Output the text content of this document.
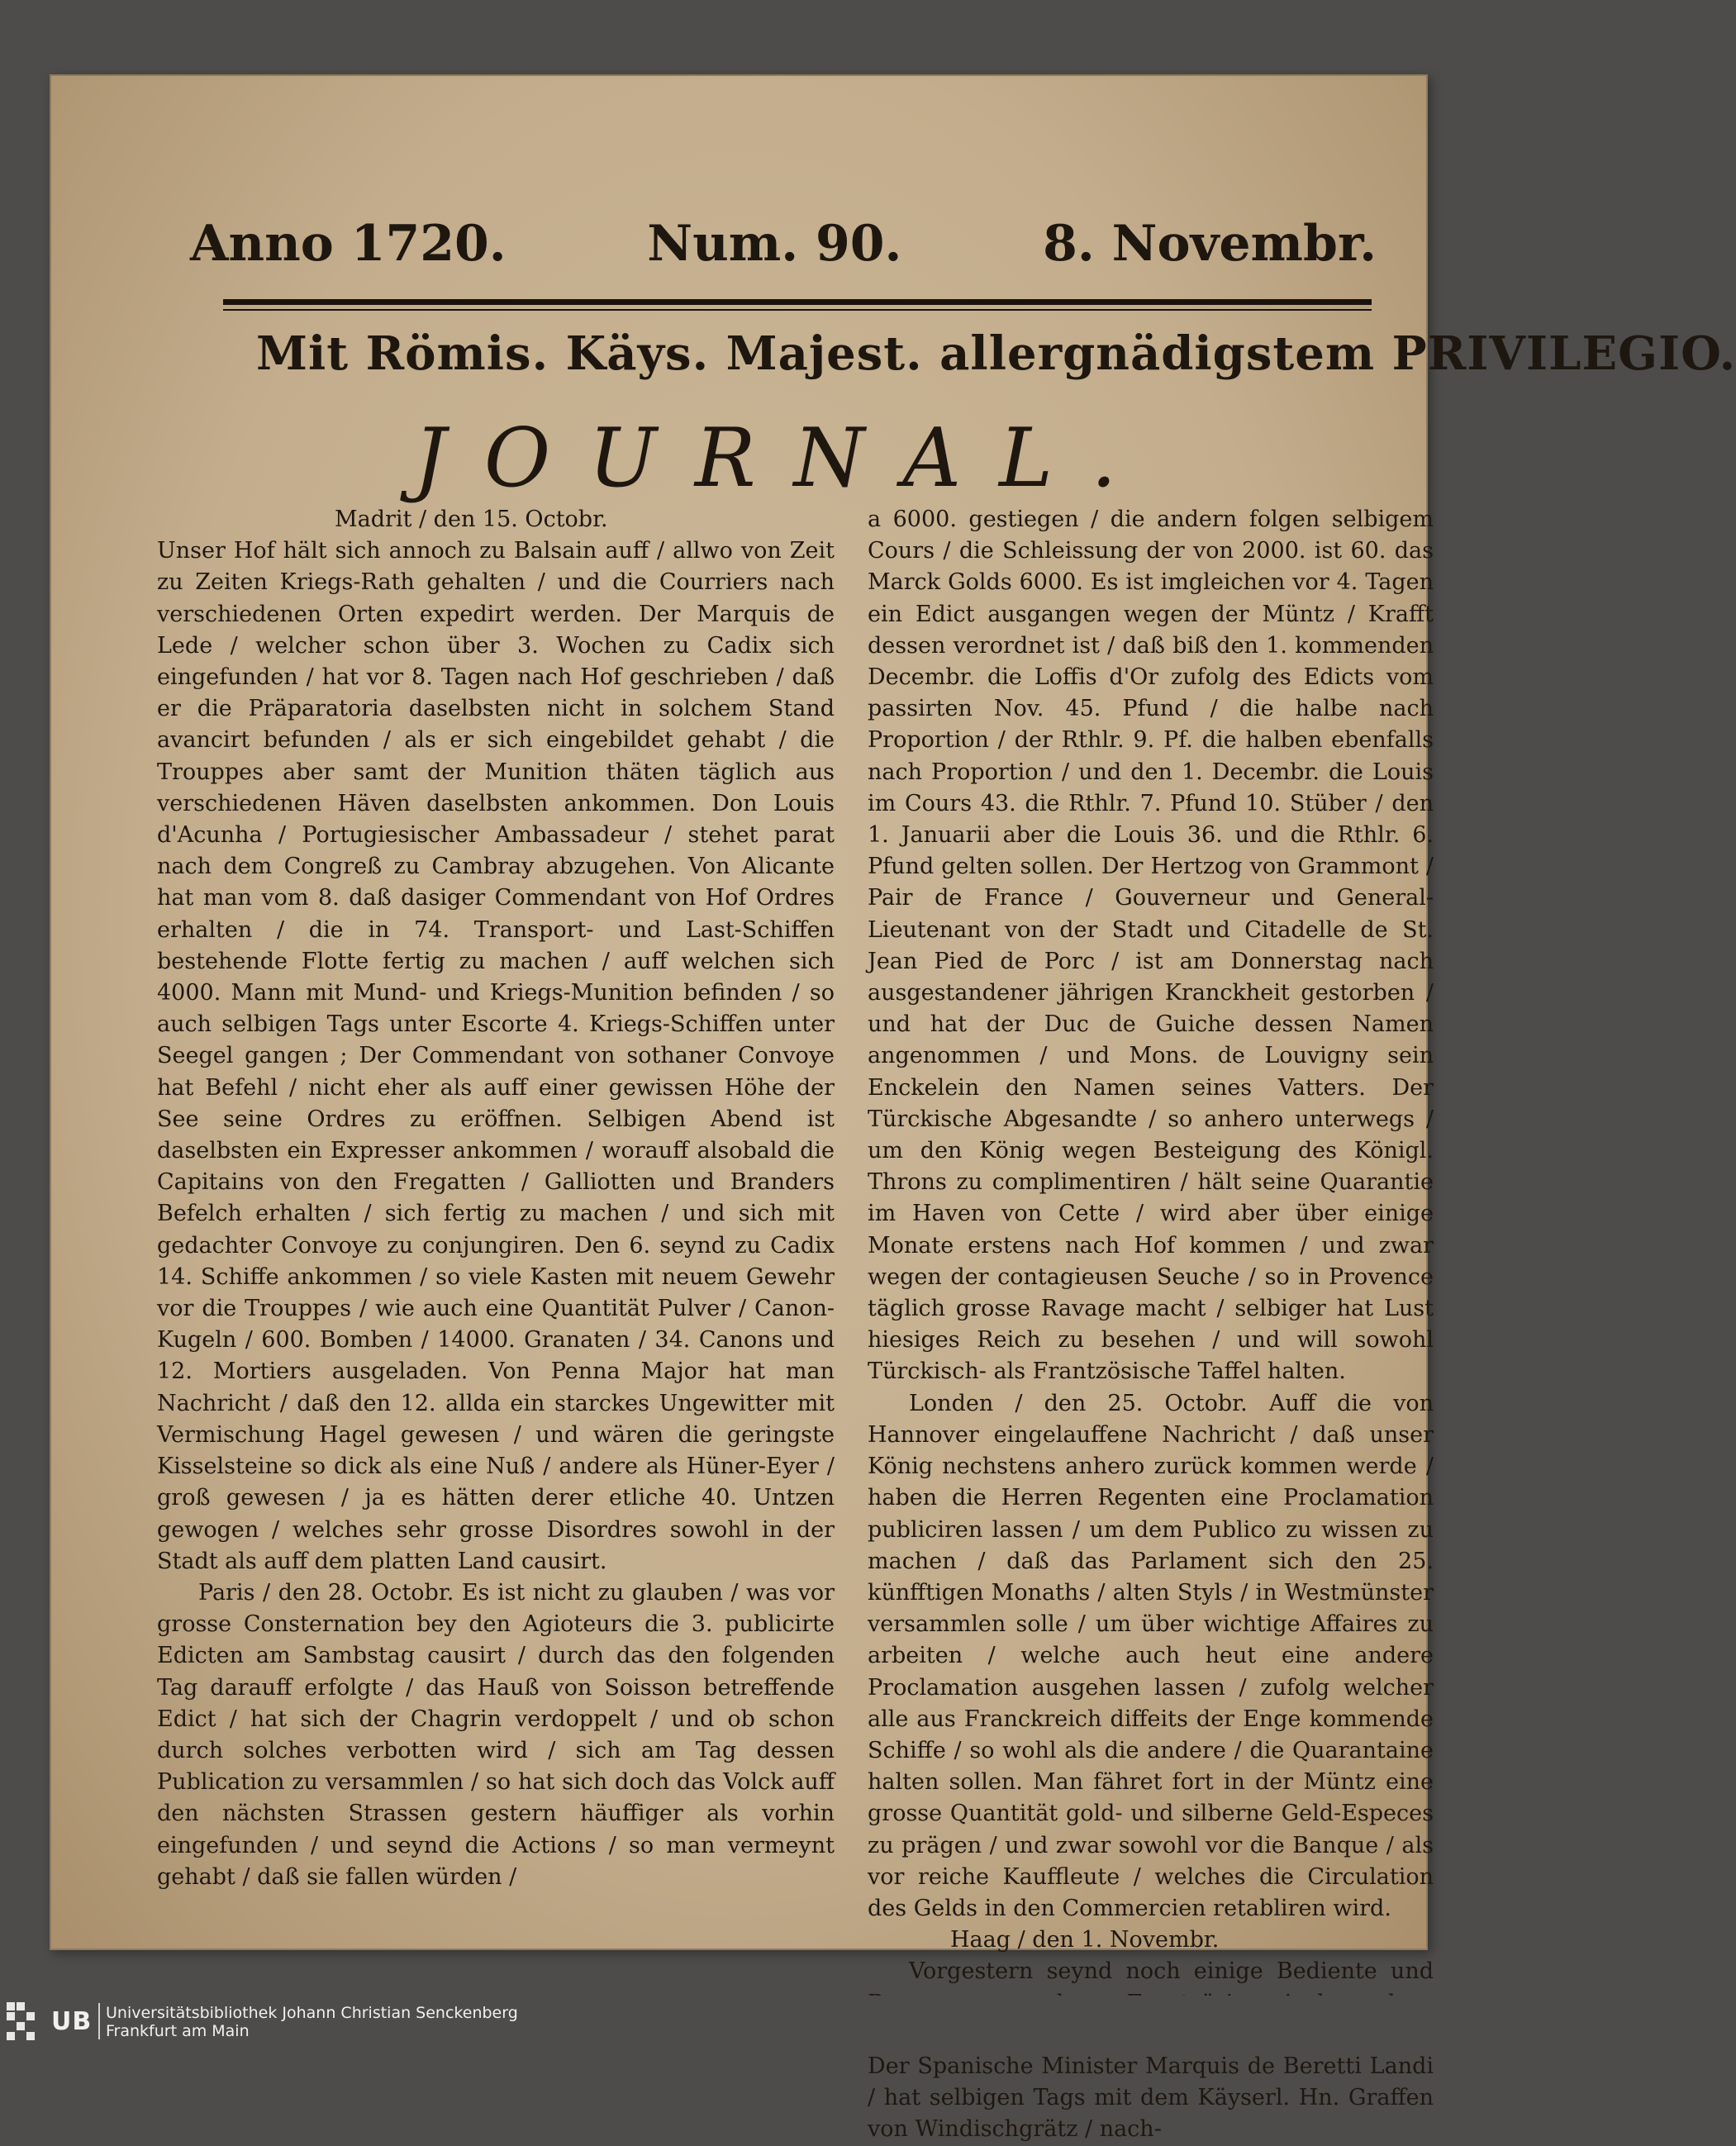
Anno 1720.	Num. 90.	8. Novembr.
Mit Römis. Käys. Majest. allergnädigstem PRIVILEGIO.
JOURNAL.
Madrit / den 15. Octobr.

Unser Hof hält sich annoch zu Balsain auff / allwo von Zeit zu Zeiten Kriegs-Rath gehalten / und die Courriers nach verschiedenen Orten expedirt werden. Der Marquis de Lede / welcher schon über 3. Wochen zu Cadix sich eingefunden / hat vor 8. Tagen nach Hof geschrieben / daß er die Präparatoria daselbsten nicht in solchem Stand avancirt befunden / als er sich eingebildet gehabt / die Trouppes aber samt der Munition thäten täglich aus verschiedenen Häven daselbsten ankommen. Don Louis d'Acunha / Portugiesischer Ambassadeur / stehet parat nach dem Congreß zu Cambray abzugehen. Von Alicante hat man vom 8. daß dasiger Commendant von Hof Ordres erhalten / die in 74. Transport- und Last-Schiffen bestehende Flotte fertig zu machen / auff welchen sich 4000. Mann mit Mund- und Kriegs-Munition befinden / so auch selbigen Tags unter Escorte 4. Kriegs-Schiffen unter Seegel gangen ; Der Commendant von sothaner Convoye hat Befehl / nicht eher als auff einer gewissen Höhe der See seine Ordres zu eröffnen. Selbigen Abend ist daselbsten ein Expresser ankommen / worauff alsobald die Capitains von den Fregatten / Galliotten und Branders Befelch erhalten / sich fertig zu machen / und sich mit gedachter Convoye zu conjungiren. Den 6. seynd zu Cadix 14. Schiffe ankommen / so viele Kasten mit neuem Gewehr vor die Trouppes / wie auch eine Quantität Pulver / Canon-Kugeln / 600. Bomben / 14000. Granaten / 34. Canons und 12. Mortiers ausgeladen. Von Penna Major hat man Nachricht / daß den 12. allda ein starckes Ungewitter mit Vermischung Hagel gewesen / und wären die geringste Kisselsteine so dick als eine Nuß / andere als Hüner-Eyer / groß gewesen / ja es hätten derer etliche 40. Untzen gewogen / welches sehr grosse Disordres sowohl in der Stadt als auff dem platten Land causirt.

Paris / den 28. Octobr. Es ist nicht zu glauben / was vor grosse Consternation bey den Agioteurs die 3. publicirte Edicten am Sambstag causirt / durch das den folgenden Tag darauff erfolgte / das Hauß von Soisson betreffende Edict / hat sich der Chagrin verdoppelt / und ob schon durch solches verbotten wird / sich am Tag dessen Publication zu versammlen / so hat sich doch das Volck auff den nächsten Strassen gestern häuffiger als vorhin eingefunden / und seynd die Actions / so man vermeynt gehabt / daß sie fallen würden /

a 6000. gestiegen / die andern folgen selbigem Cours / die Schleissung der von 2000. ist 60. das Marck Golds 6000. Es ist imgleichen vor 4. Tagen ein Edict ausgangen wegen der Müntz / Krafft dessen verordnet ist / daß biß den 1. kommenden Decembr. die Loffis d'Or zufolg des Edicts vom passirten Nov. 45. Pfund / die halbe nach Proportion / der Rthlr. 9. Pf. die halben ebenfalls nach Proportion / und den 1. Decembr. die Louis im Cours 43. die Rthlr. 7. Pfund 10. Stüber / den 1. Januarii aber die Louis 36. und die Rthlr. 6. Pfund gelten sollen. Der Hertzog von Grammont / Pair de France / Gouverneur und General-Lieutenant von der Stadt und Citadelle de St. Jean Pied de Porc / ist am Donnerstag nach ausgestandener jährigen Kranckheit gestorben / und hat der Duc de Guiche dessen Namen angenommen / und Mons. de Louvigny sein Enckelein den Namen seines Vatters. Der Türckische Abgesandte / so anhero unterwegs / um den König wegen Besteigung des Königl. Throns zu complimentiren / hält seine Quarantie im Haven von Cette / wird aber über einige Monate erstens nach Hof kommen / und zwar wegen der contagieusen Seuche / so in Provence täglich grosse Ravage macht / selbiger hat Lust hiesiges Reich zu besehen / und will sowohl Türckisch- als Frantzösische Taffel halten.

Londen / den 25. Octobr. Auff die von Hannover eingelauffene Nachricht / daß unser König nechstens anhero zurück kommen werde / haben die Herren Regenten eine Proclamation publiciren lassen / um dem Publico zu wissen zu machen / daß das Parlament sich den 25. künfftigen Monaths / alten Styls / in Westmünster versammlen solle / um über wichtige Affaires zu arbeiten / welche auch heut eine andere Proclamation ausgehen lassen / zufolg welcher alle aus Franckreich diffeits der Enge kommende Schiffe / so wohl als die andere / die Quarantaine halten sollen. Man fähret fort in der Müntz eine grosse Quantität gold- und silberne Geld-Especes zu prägen / und zwar sowohl vor die Banque / als vor reiche Kauffleute / welches die Circulation des Gelds in den Commercien retabliren wird.

Haag / den 1. Novembr.

Vorgestern seynd noch einige Bediente und Der Spanische Minister Marquis de Beretti Landi / hat selbigen Tags mit dem Käyserl. Hn. Graffen von Windischgrätz / nach-

UB Universitätsbibliothek Johann Christian Senckenberg
Frankfurt am Main
